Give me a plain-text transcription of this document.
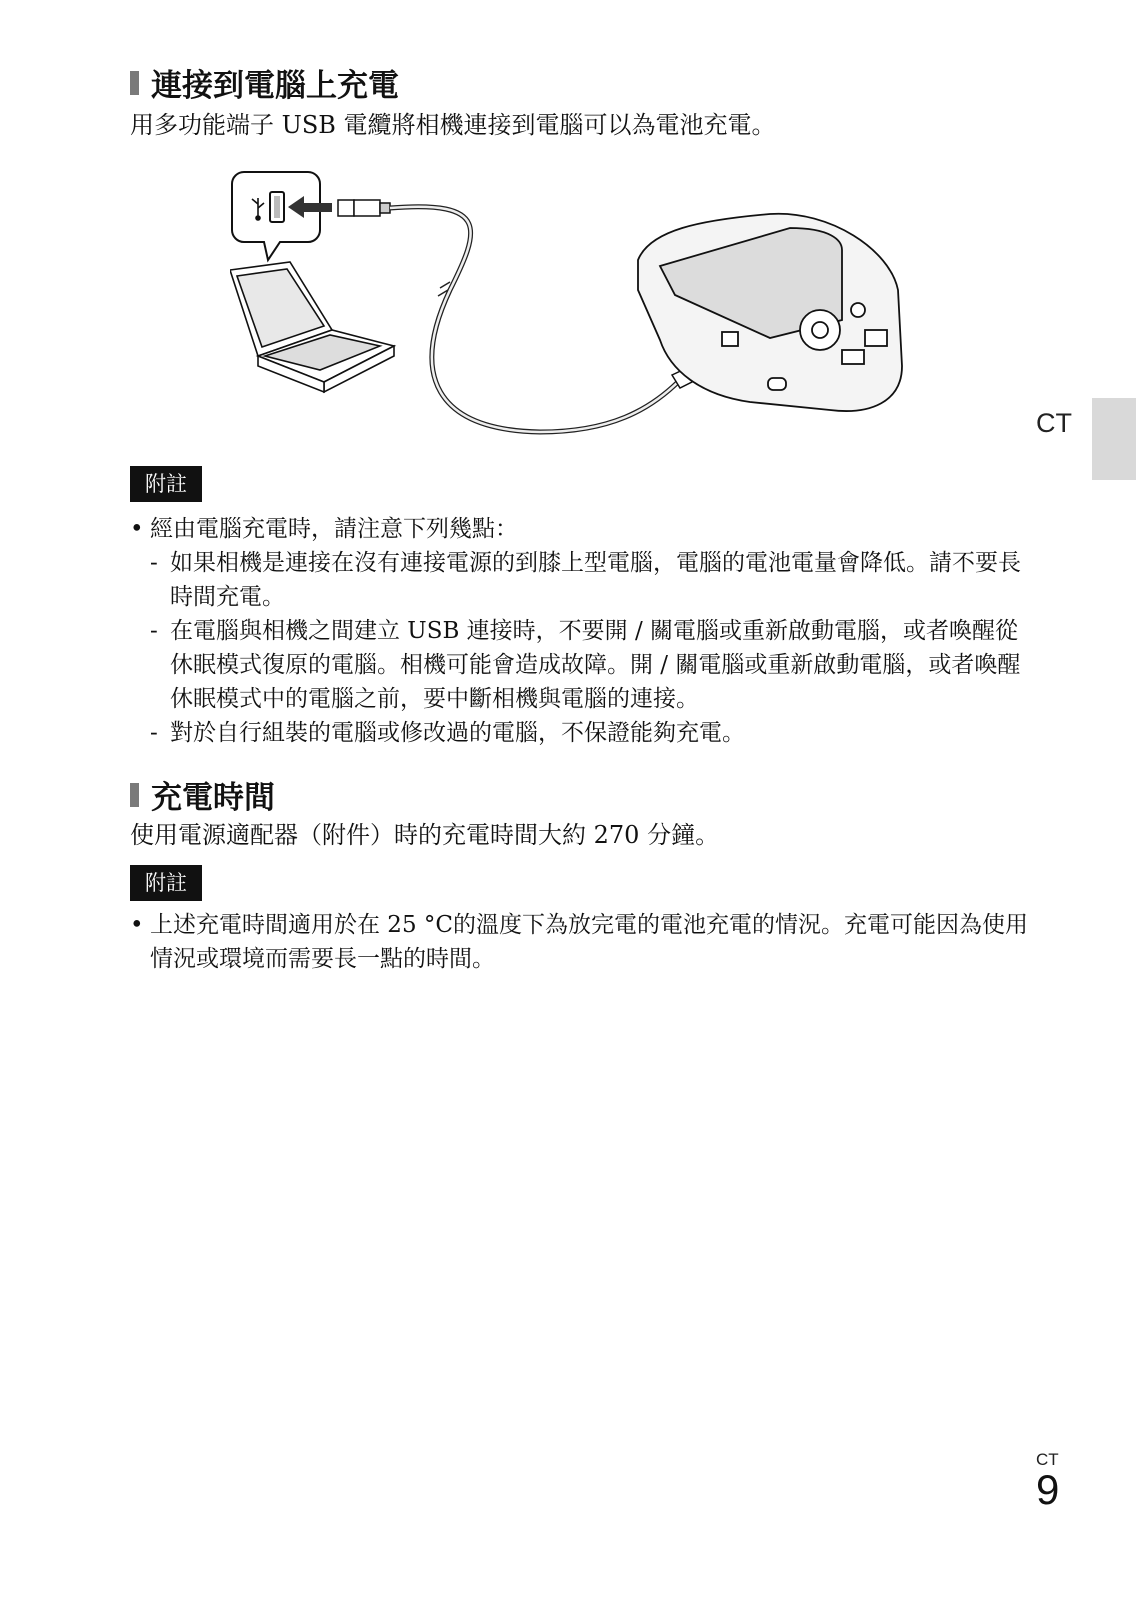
連接到電腦上充電
用多功能端子 USB 電纜將相機連接到電腦可以為電池充電。
附註
• 經由電腦充電時，請注意下列幾點：
- 如果相機是連接在沒有連接電源的到膝上型電腦，電腦的電池電量會降低。請不要長時間充電。
- 在電腦與相機之間建立 USB 連接時，不要開 / 關電腦或重新啟動電腦，或者喚醒從休眠模式復原的電腦。相機可能會造成故障。開 / 關電腦或重新啟動電腦，或者喚醒休眠模式中的電腦之前，要中斷相機與電腦的連接。
- 對於自行組裝的電腦或修改過的電腦，不保證能夠充電。
充電時間
使用電源適配器（附件）時的充電時間大約 270 分鐘。
附註
• 上述充電時間適用於在 25 °C的溫度下為放完電的電池充電的情況。充電可能因為使用情況或環境而需要長一點的時間。
CT
CT
9
